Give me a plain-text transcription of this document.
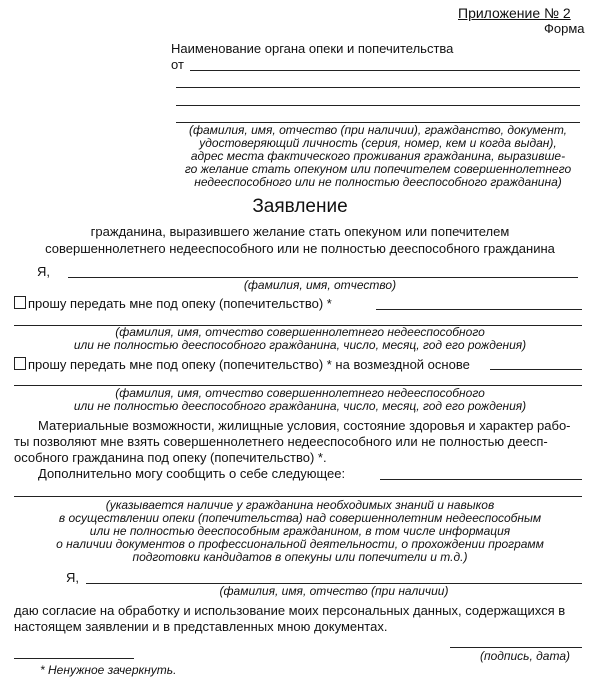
Приложение № 2
Форма
Наименование органа опеки и попечительства
от
(фамилия, имя, отчество (при наличии), гражданство, документ,
удостоверяющий личность (серия, номер, кем и когда выдан),
адрес места фактического проживания гражданина, выразивше-
го желание стать опекуном или попечителем совершеннолетнего
недееспособного или не полностью дееспособного гражданина)
Заявление
гражданина, выразившего желание стать опекуном или попечителем
совершеннолетнего недееспособного или не полностью дееспособного гражданина
Я,
(фамилия, имя, отчество)
прошу передать мне под опеку (попечительство) *
(фамилия, имя, отчество совершеннолетнего недееспособного
или не полностью дееспособного гражданина, число, месяц, год его рождения)
прошу передать мне под опеку (попечительство) * на возмездной основе
(фамилия, имя, отчество совершеннолетнего недееспособного
или не полностью дееспособного гражданина, число, месяц, год его рождения)
Материальные возможности, жилищные условия, состояние здоровья и характер рабо-
ты позволяют мне взять совершеннолетнего недееспособного или не полностью деесп-
особного гражданина под опеку (попечительство) *.
Дополнительно могу сообщить о себе следующее:
(указывается наличие у гражданина необходимых знаний и навыков
в осуществлении опеки (попечительства) над совершеннолетним недееспособным
или не полностью дееспособным гражданином, в том числе информация
о наличии документов о профессиональной деятельности, о прохождении программ
подготовки кандидатов в опекуны или попечители и т.д.)
Я,
(фамилия, имя, отчество (при наличии)
даю согласие на обработку и использование моих персональных данных, содержащихся в
настоящем заявлении и в представленных мною документах.
(подпись, дата)
* Ненужное зачеркнуть.
